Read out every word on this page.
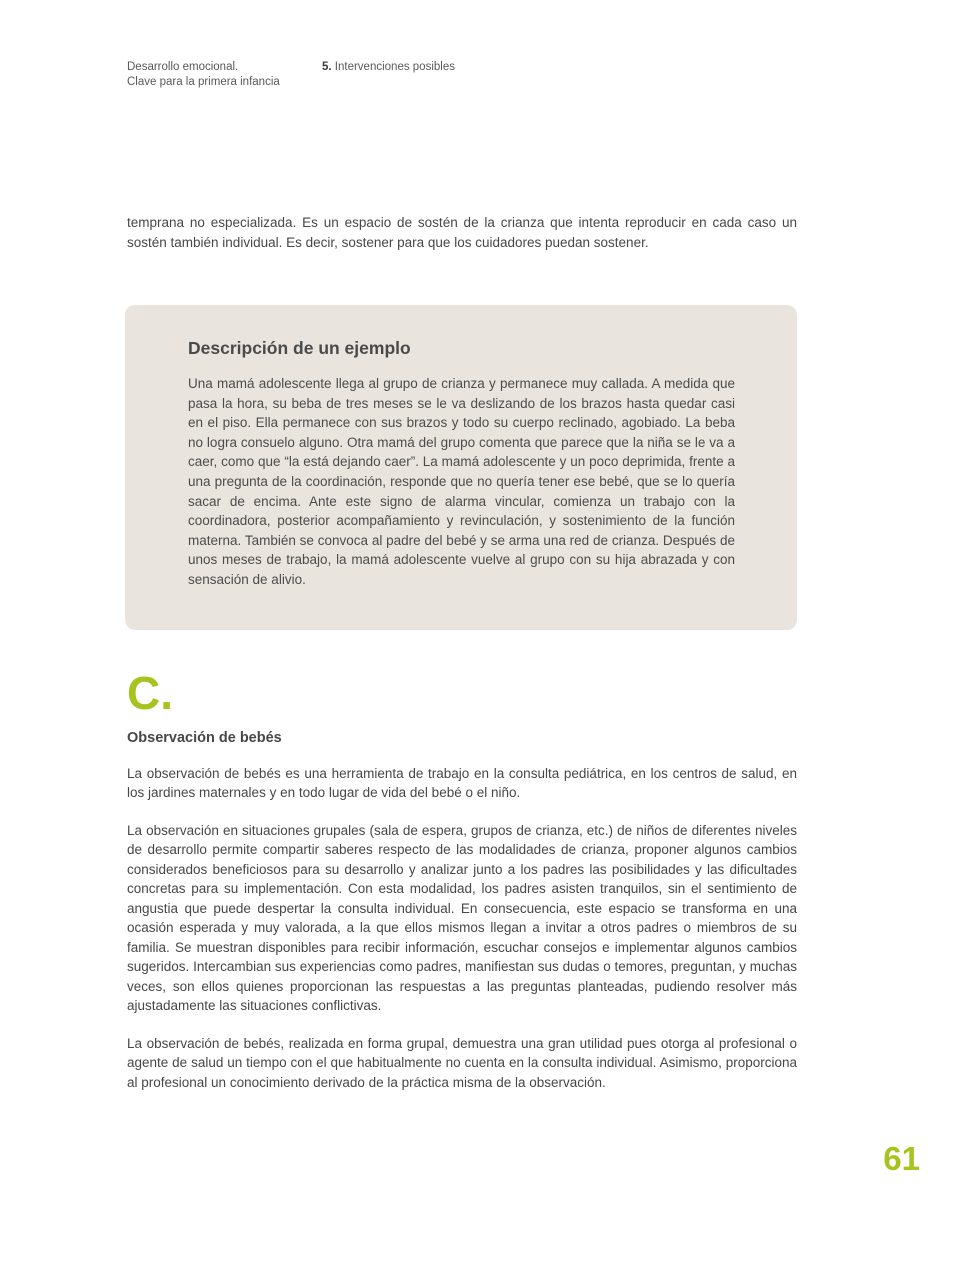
Desarrollo emocional.
Clave para la primera infancia
5. Intervenciones posibles

temprana no especializada. Es un espacio de sostén de la crianza que intenta reproducir en cada caso un sostén también individual. Es decir, sostener para que los cuidadores puedan sostener.

Descripción de un ejemplo

Una mamá adolescente llega al grupo de crianza y permanece muy callada. A medida que pasa la hora, su beba de tres meses se le va deslizando de los brazos hasta quedar casi en el piso. Ella permanece con sus brazos y todo su cuerpo reclinado, agobiado. La beba no logra consuelo alguno. Otra mamá del grupo comenta que parece que la niña se le va a caer, como que “la está dejando caer”. La mamá adolescente y un poco deprimida, frente a una pregunta de la coordinación, responde que no quería tener ese bebé, que se lo quería sacar de encima. Ante este signo de alarma vincular, comienza un trabajo con la coordinadora, posterior acompañamiento y revinculación, y sostenimiento de la función materna. También se convoca al padre del bebé y se arma una red de crianza. Después de unos meses de trabajo, la mamá adolescente vuelve al grupo con su hija abrazada y con sensación de alivio.

C.
Observación de bebés

La observación de bebés es una herramienta de trabajo en la consulta pediátrica, en los centros de salud, en los jardines maternales y en todo lugar de vida del bebé o el niño.

La observación en situaciones grupales (sala de espera, grupos de crianza, etc.) de niños de diferentes niveles de desarrollo permite compartir saberes respecto de las modalidades de crianza, proponer algunos cambios considerados beneficiosos para su desarrollo y analizar junto a los padres las posibilidades y las dificultades concretas para su implementación. Con esta modalidad, los padres asisten tranquilos, sin el sentimiento de angustia que puede despertar la consulta individual. En consecuencia, este espacio se transforma en una ocasión esperada y muy valorada, a la que ellos mismos llegan a invitar a otros padres o miembros de su familia. Se muestran disponibles para recibir información, escuchar consejos e implementar algunos cambios sugeridos. Intercambian sus experiencias como padres, manifiestan sus dudas o temores, preguntan, y muchas veces, son ellos quienes proporcionan las respuestas a las preguntas planteadas, pudiendo resolver más ajustadamente las situaciones conflictivas.

La observación de bebés, realizada en forma grupal, demuestra una gran utilidad pues otorga al profesional o agente de salud un tiempo con el que habitualmente no cuenta en la consulta individual. Asimismo, proporciona al profesional un conocimiento derivado de la práctica misma de la observación.

61
